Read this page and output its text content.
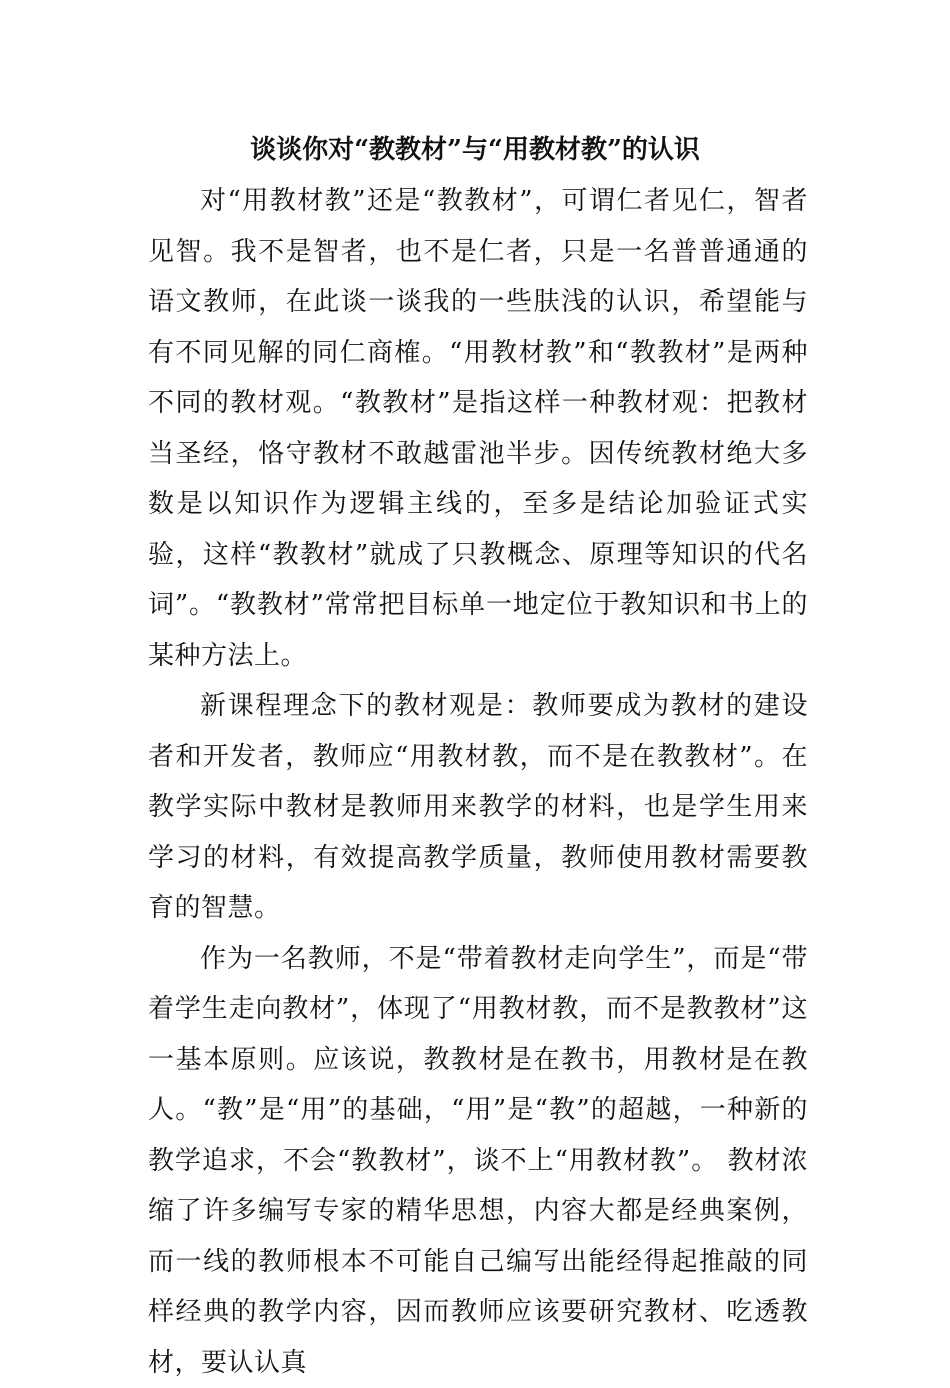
谈谈你对“教教材”与“用教材教”的认识

对“用教材教”还是“教教材”，可谓仁者见仁，智者见智。我不是智者，也不是仁者，只是一名普普通通的语文教师，在此谈一谈我的一些肤浅的认识，希望能与有不同见解的同仁商榷。“用教材教”和“教教材”是两种不同的教材观。“教教材”是指这样一种教材观：把教材当圣经，恪守教材不敢越雷池半步。因传统教材绝大多数是以知识作为逻辑主线的，至多是结论加验证式实验，这样“教教材”就成了只教概念、原理等知识的代名词”。“教教材”常常把目标单一地定位于教知识和书上的某种方法上。

新课程理念下的教材观是：教师要成为教材的建设者和开发者，教师应“用教材教，而不是在教教材”。在教学实际中教材是教师用来教学的材料，也是学生用来学习的材料，有效提高教学质量，教师使用教材需要教育的智慧。

作为一名教师，不是“带着教材走向学生”，而是“带着学生走向教材”，体现了“用教材教，而不是教教材”这一基本原则。应该说，教教材是在教书，用教材是在教人。“教”是“用”的基础，“用”是“教”的超越，一种新的教学追求，不会“教教材”，谈不上“用教材教”。 教材浓缩了许多编写专家的精华思想，内容大都是经典案例，而一线的教师根本不可能自己编写出能经得起推敲的同样经典的教学内容，因而教师应该要研究教材、吃透教材，要认认真
